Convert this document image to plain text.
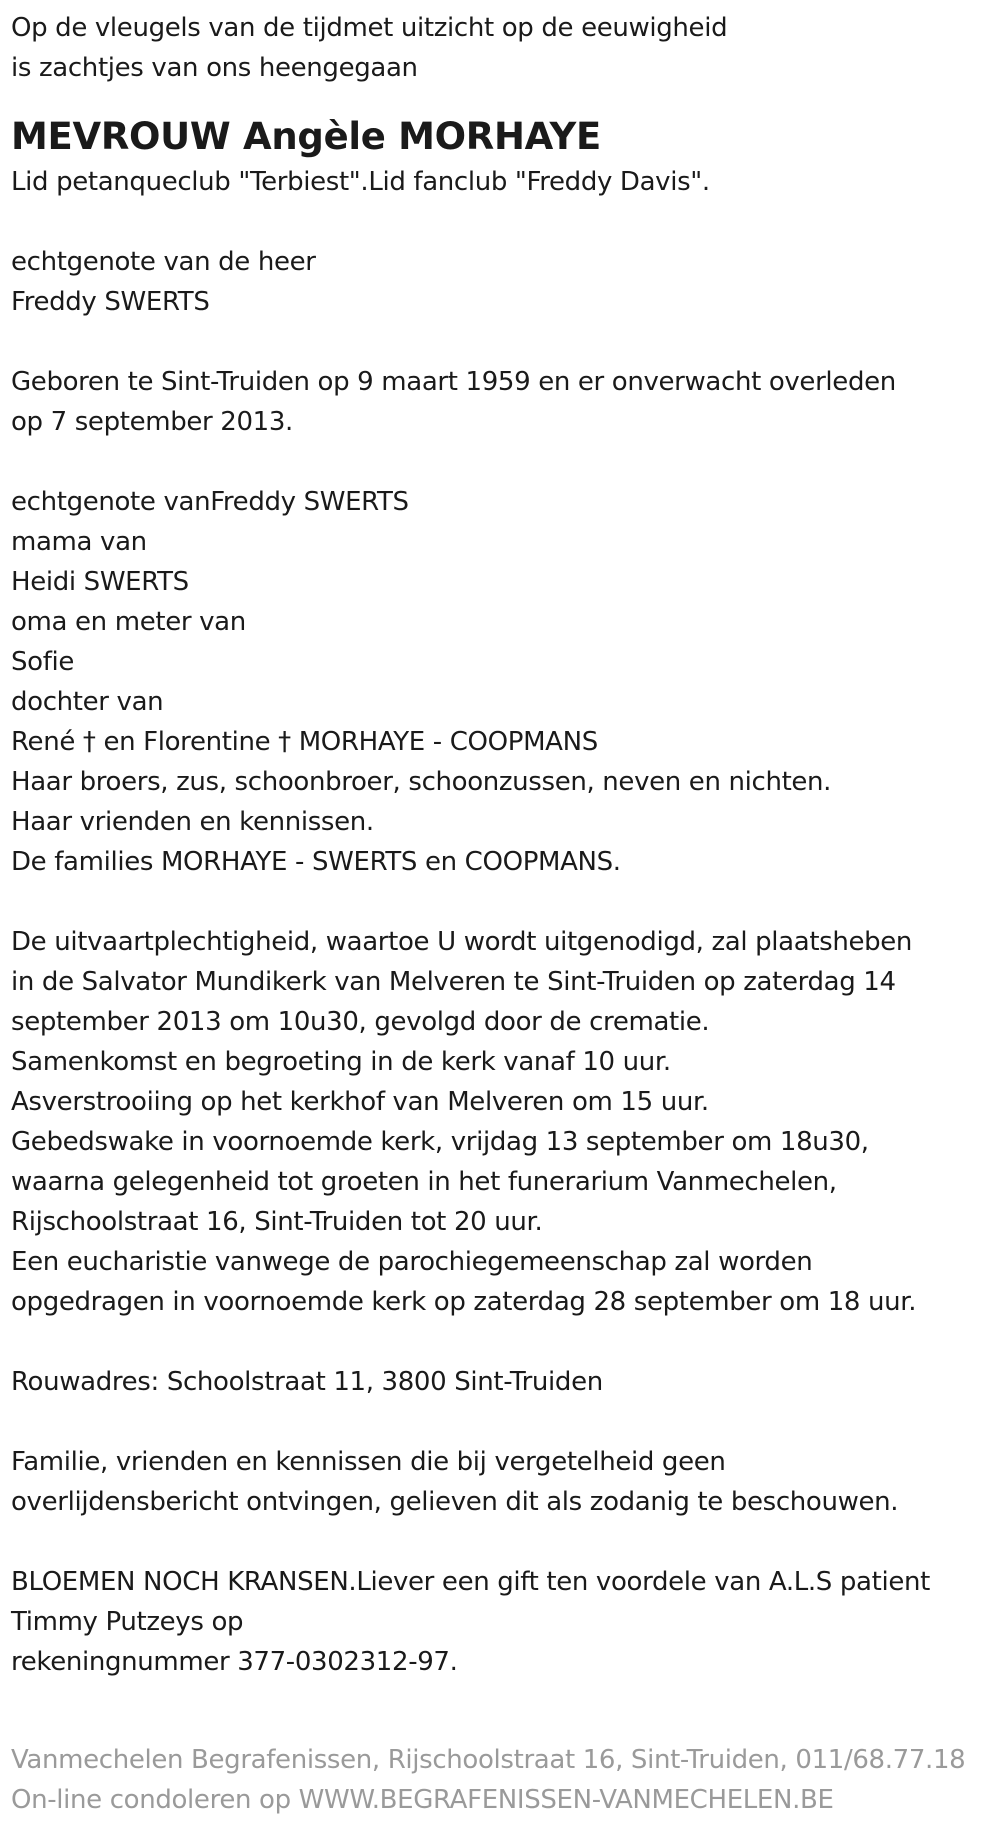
Op de vleugels van de tijdmet uitzicht op de eeuwigheid
is zachtjes van ons heengegaan
MEVROUW Angèle MORHAYE
Lid petanqueclub "Terbiest".Lid fanclub "Freddy Davis".
echtgenote van de heer
Freddy SWERTS
Geboren te Sint-Truiden op 9 maart 1959 en er onverwacht overleden
op 7 september 2013.
echtgenote vanFreddy SWERTS
mama van
Heidi SWERTS
oma en meter van
Sofie
dochter van
René † en Florentine † MORHAYE - COOPMANS
Haar broers, zus, schoonbroer, schoonzussen, neven en nichten.
Haar vrienden en kennissen.
De families MORHAYE - SWERTS en COOPMANS.
De uitvaartplechtigheid, waartoe U wordt uitgenodigd, zal plaatsheben
in de Salvator Mundikerk van Melveren te Sint-Truiden op zaterdag 14
september 2013 om 10u30, gevolgd door de crematie.
Samenkomst en begroeting in de kerk vanaf 10 uur.
Asverstrooiing op het kerkhof van Melveren om 15 uur.
Gebedswake in voornoemde kerk, vrijdag 13 september om 18u30,
waarna gelegenheid tot groeten in het funerarium Vanmechelen,
Rijschoolstraat 16, Sint-Truiden tot 20 uur.
Een eucharistie vanwege de parochiegemeenschap zal worden
opgedragen in voornoemde kerk op zaterdag 28 september om 18 uur.
Rouwadres: Schoolstraat 11, 3800 Sint-Truiden
Familie, vrienden en kennissen die bij vergetelheid geen
overlijdensbericht ontvingen, gelieven dit als zodanig te beschouwen.
BLOEMEN NOCH KRANSEN.Liever een gift ten voordele van A.L.S patient
Timmy Putzeys op
rekeningnummer 377-0302312-97.
Vanmechelen Begrafenissen, Rijschoolstraat 16, Sint-Truiden, 011/68.77.18
On-line condoleren op WWW.BEGRAFENISSEN-VANMECHELEN.BE
